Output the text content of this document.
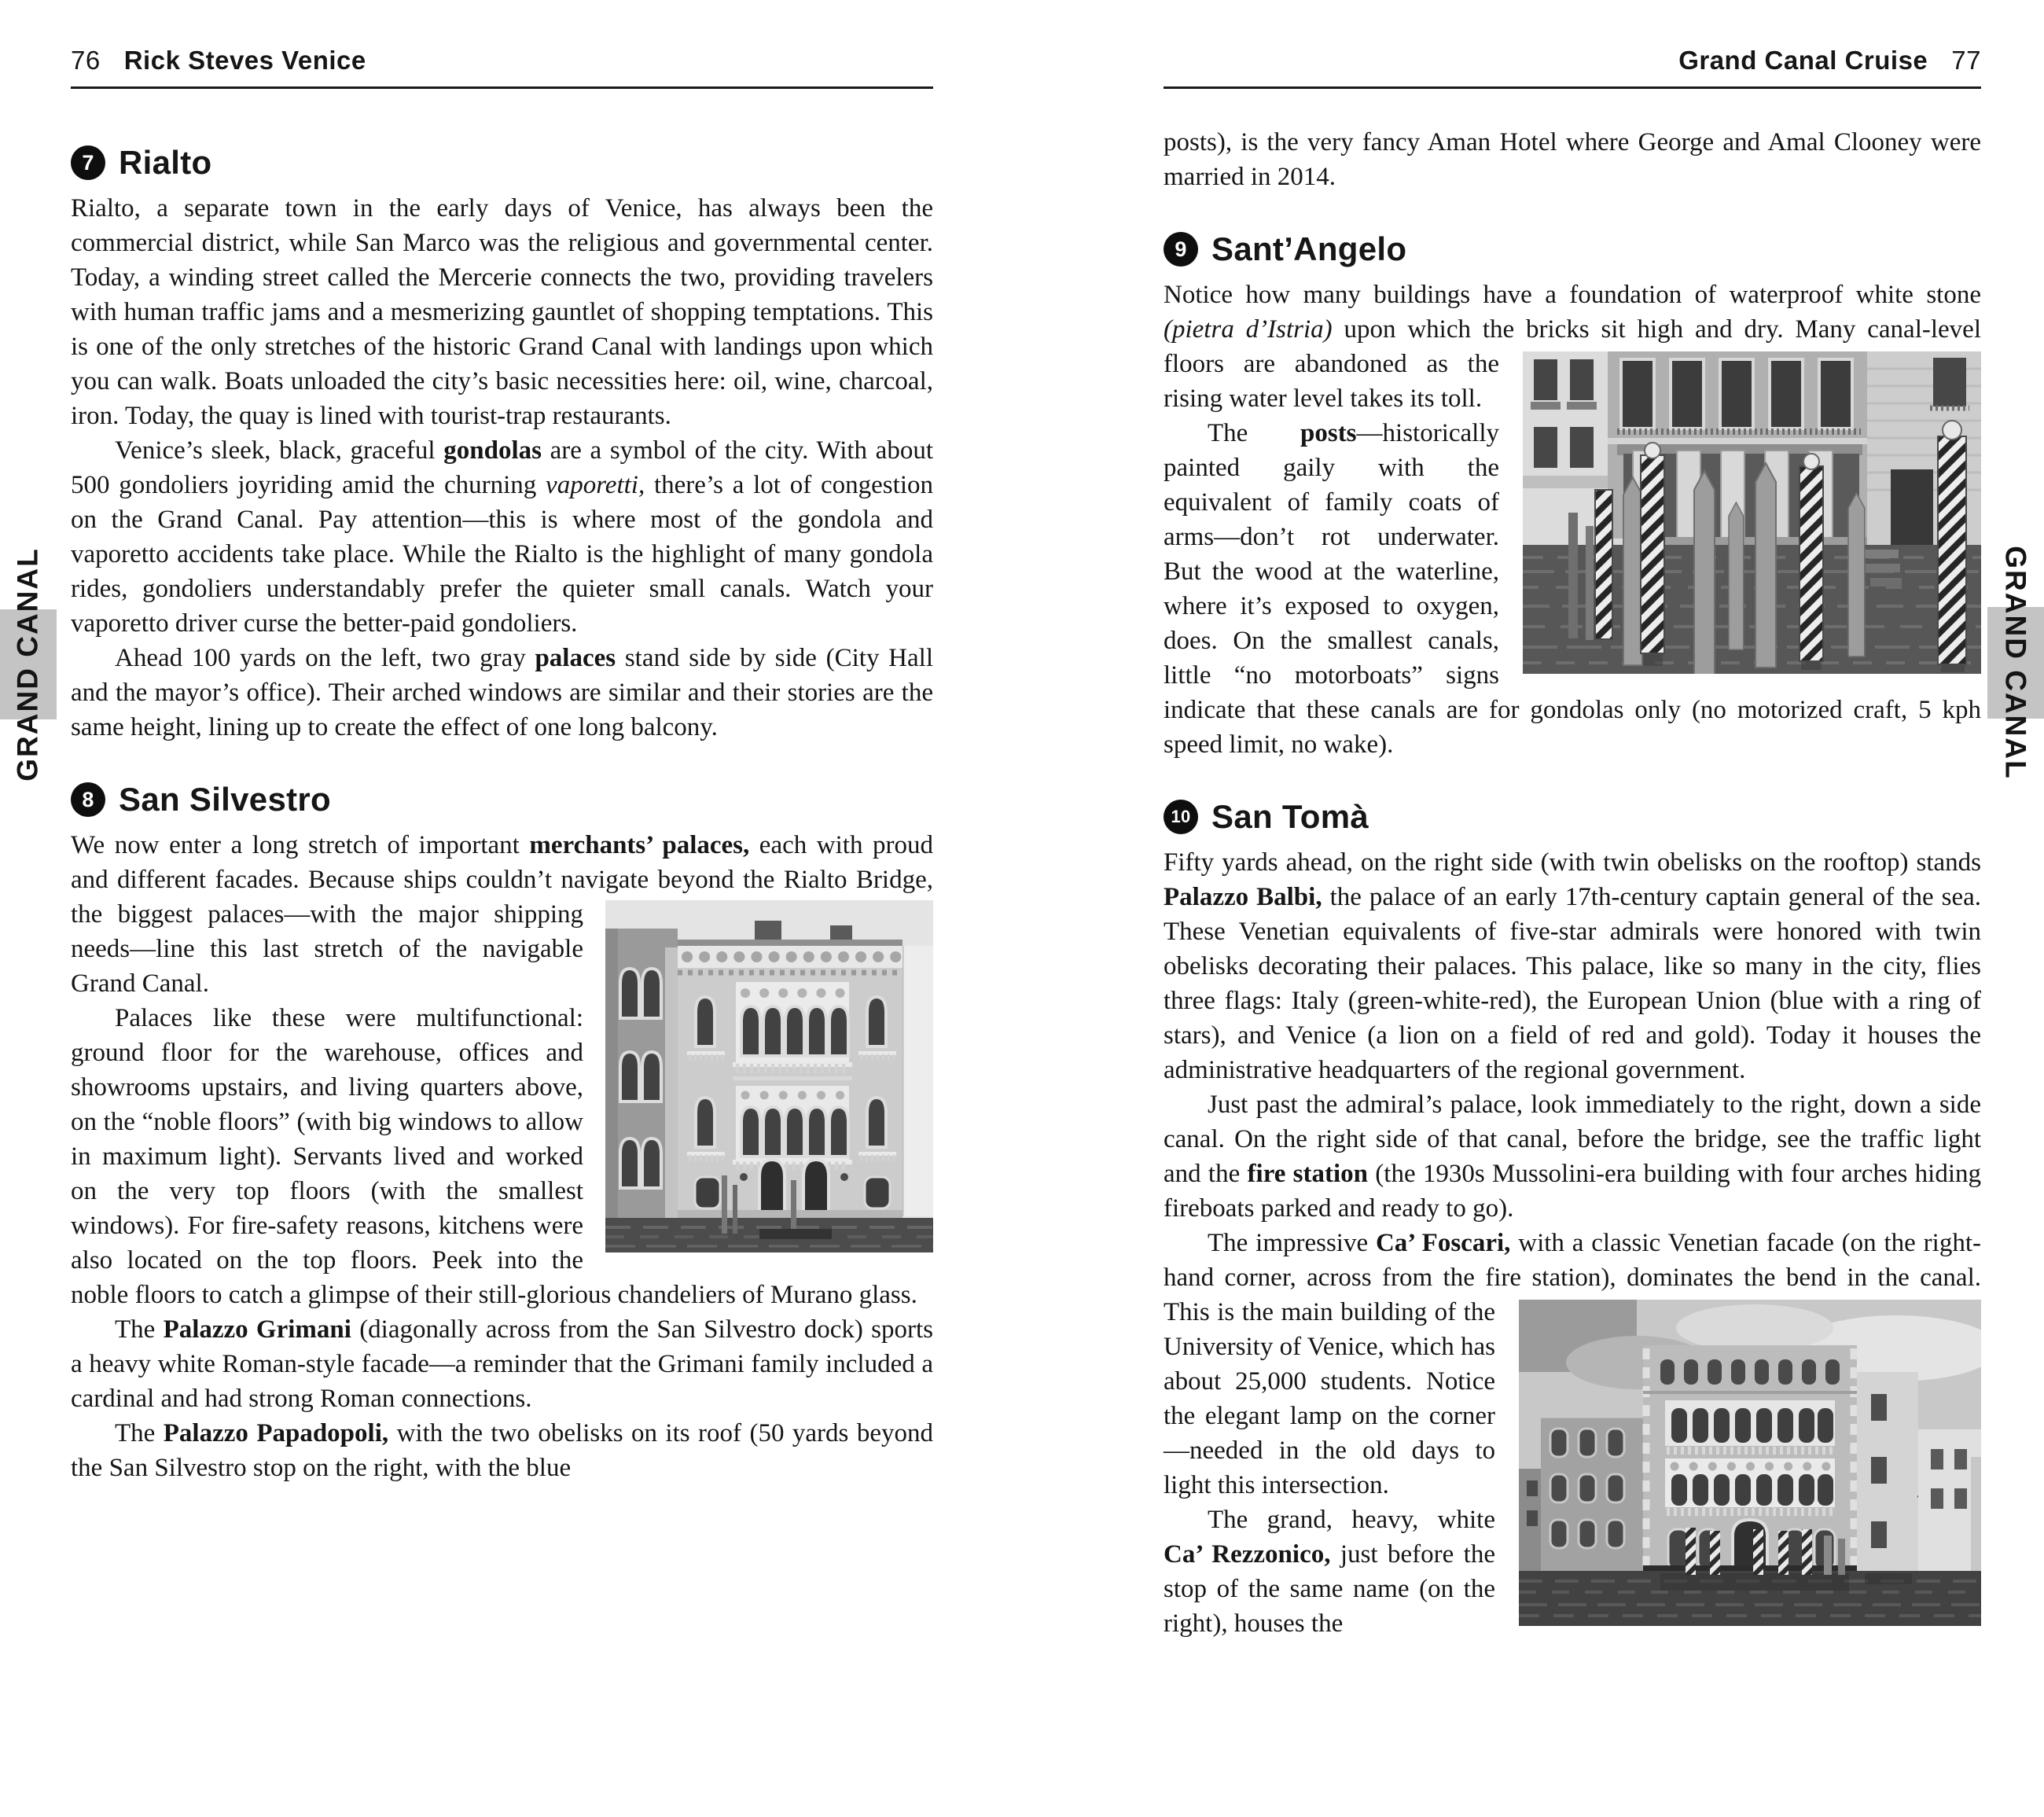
76 Rick Steves Venice
7 Rialto

Rialto, a separate town in the early days of Venice, has always been the commercial district, while San Marco was the religious and governmental center. Today, a winding street called the Mercerie connects the two, providing travelers with human traffic jams and a mesmerizing gauntlet of shopping temptations. This is one of the only stretches of the historic Grand Canal with landings upon which you can walk. Boats unloaded the city’s basic necessities here: oil, wine, charcoal, iron. Today, the quay is lined with tourist-trap restaurants.

Venice’s sleek, black, graceful gondolas are a symbol of the city. With about 500 gondoliers joyriding amid the churning vaporetti, there’s a lot of congestion on the Grand Canal. Pay attention—this is where most of the gondola and vaporetto accidents take place. While the Rialto is the highlight of many gondola rides, gondoliers understandably prefer the quieter small canals. Watch your vaporetto driver curse the better-paid gondoliers.

Ahead 100 yards on the left, two gray palaces stand side by side (City Hall and the mayor’s office). Their arched windows are similar and their stories are the same height, lining up to create the effect of one long balcony.

8 San Silvestro

We now enter a long stretch of important merchants’ palaces, each with proud and different facades. Because ships couldn’t navigate
beyond the Rialto Bridge, the biggest palaces—with the major shipping needs—line this last stretch of the navigable Grand Canal.

Palaces like these were multifunctional: ground floor for the warehouse, offices and showrooms upstairs, and living quarters above, on the “noble floors” (with big windows to allow in maximum light). Servants lived and worked on the very top floors (with the smallest windows). For fire-safety reasons, kitchens were also located on the top floors. Peek into the noble floors to catch a glimpse of their still-glorious chandeliers of Murano glass.

The Palazzo Grimani (diagonally across from the San Silvestro dock) sports a heavy white Roman-style facade—a reminder that the Grimani family included a cardinal and had strong Roman connections.

The Palazzo Papadopoli, with the two obelisks on its roof (50 yards beyond the San Silvestro stop on the right, with the blue

Grand Canal Cruise 77

posts), is the very fancy Aman Hotel where George and Amal Clooney were married in 2014.

9 Sant’Angelo

Notice how many buildings have a foundation of waterproof white stone (pietra d’Istria) upon which the bricks sit high and dry. Many
canal-level floors are abandoned as the rising water level takes its toll.

The posts—historically painted gaily with the equivalent of family coats of arms—don’t rot underwater. But the wood at the waterline, where it’s exposed to oxygen, does. On the smallest canals, little “no motorboats” signs indicate that these canals are for gondolas only (no motorized craft, 5 kph speed limit, no wake).

10 San Tomà

Fifty yards ahead, on the right side (with twin obelisks on the rooftop) stands Palazzo Balbi, the palace of an early 17th-century captain general of the sea. These Venetian equivalents of five-star admirals were honored with twin obelisks decorating their palaces. This palace, like so many in the city, flies three flags: Italy (green-white-red), the European Union (blue with a ring of stars), and Venice (a lion on a field of red and gold). Today it houses the administrative headquarters of the regional government.

Just past the admiral’s palace, look immediately to the right, down a side canal. On the right side of that canal, before the bridge, see the traffic light and the fire station (the 1930s Mussolini-era building with four arches hiding fireboats parked and ready to go).

The impressive Ca’ Foscari, with a classic Venetian facade (on the right-hand corner, across from the fire station), dominates
the bend in the canal. This is the main building of the University of Venice, which has about 25,000 students. Notice the elegant lamp on the corner—needed in the old days to light this intersection.

The grand, heavy, white Ca’ Rezzonico, just before the stop of the same name (on the right), houses the

GRAND CANAL	GRAND CANAL
